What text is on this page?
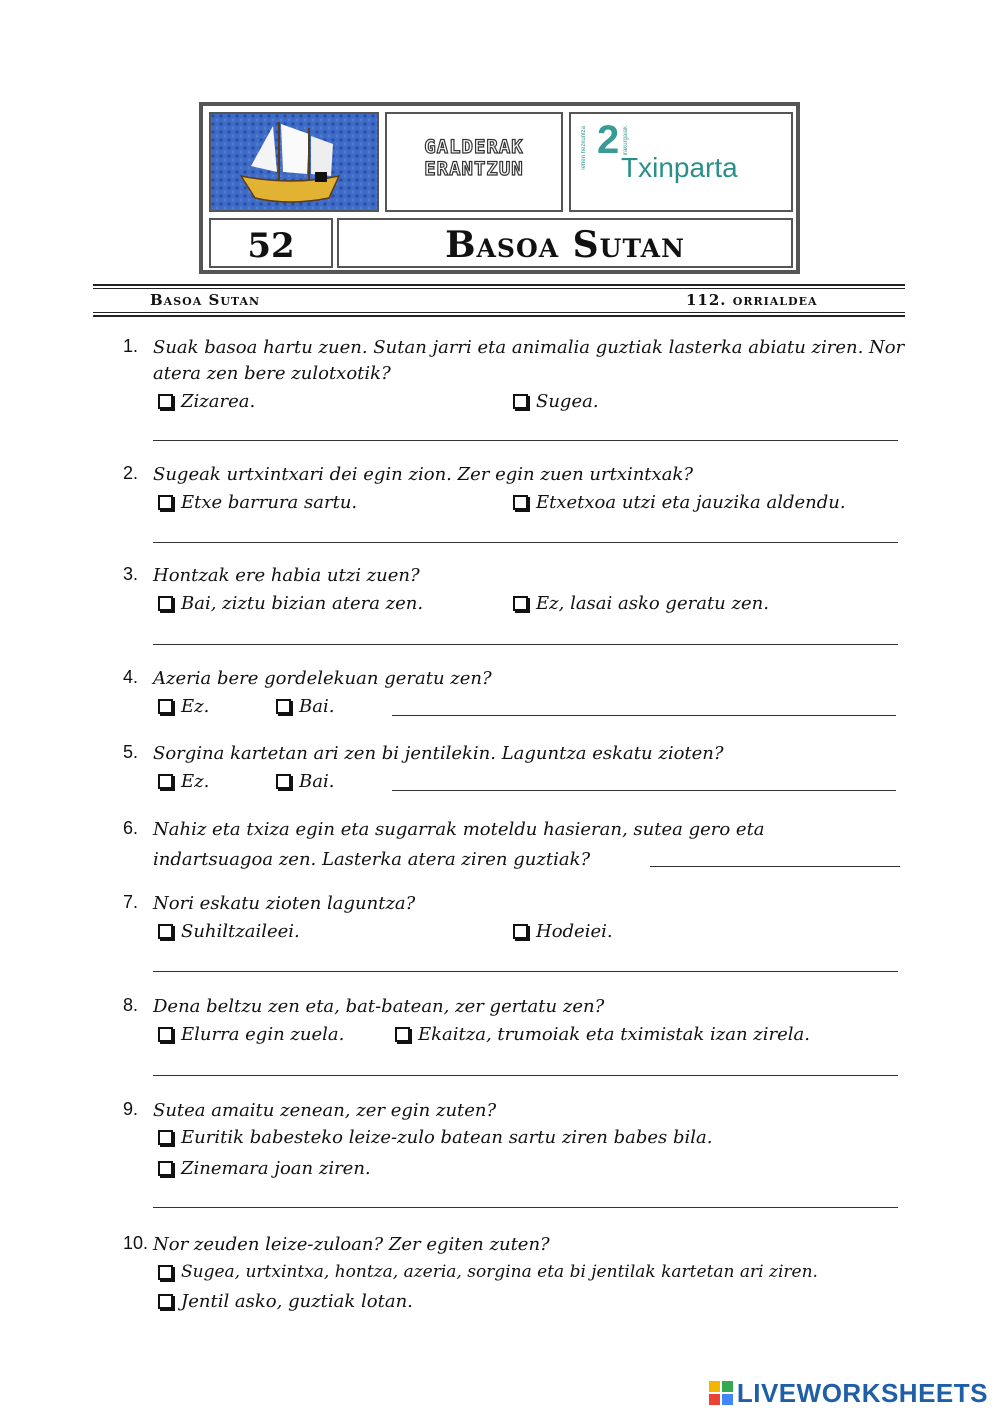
GALDERAK
ERANTZUN	lehen hezkuntza 2 irakurgaiak
Txinparta
52	Basoa Sutan
Basoa Sutan	112. orrialdea
1. Suak basoa hartu zuen. Sutan jarri eta animalia guztiak lasterka abiatu ziren. Nor atera zen bere zulotxotik?
Zizarea.	Sugea.
2. Sugeak urtxintxari dei egin zion. Zer egin zuen urtxintxak?
Etxe barrura sartu.	Etxetxoa utzi eta jauzika aldendu.
3. Hontzak ere habia utzi zuen?
Bai, ziztu bizian atera zen.	Ez, lasai asko geratu zen.
4. Azeria bere gordelekuan geratu zen?
Ez.	Bai.
5. Sorgina kartetan ari zen bi jentilekin. Laguntza eskatu zioten?
Ez.	Bai.
6. Nahiz eta txiza egin eta sugarrak moteldu hasieran, sutea gero eta
indartsuagoa zen. Lasterka atera ziren guztiak?
7. Nori eskatu zioten laguntza?
Suhiltzaileei.	Hodeiei.
8. Dena beltzu zen eta, bat-batean, zer gertatu zen?
Elurra egin zuela.	Ekaitza, trumoiak eta tximistak izan zirela.
9. Sutea amaitu zenean, zer egin zuten?
Euritik babesteko leize-zulo batean sartu ziren babes bila.
Zinemara joan ziren.
10. Nor zeuden leize-zuloan? Zer egiten zuten?
Sugea, urtxintxa, hontza, azeria, sorgina eta bi jentilak kartetan ari ziren.
Jentil asko, guztiak lotan.
LIVEWORKSHEETS
